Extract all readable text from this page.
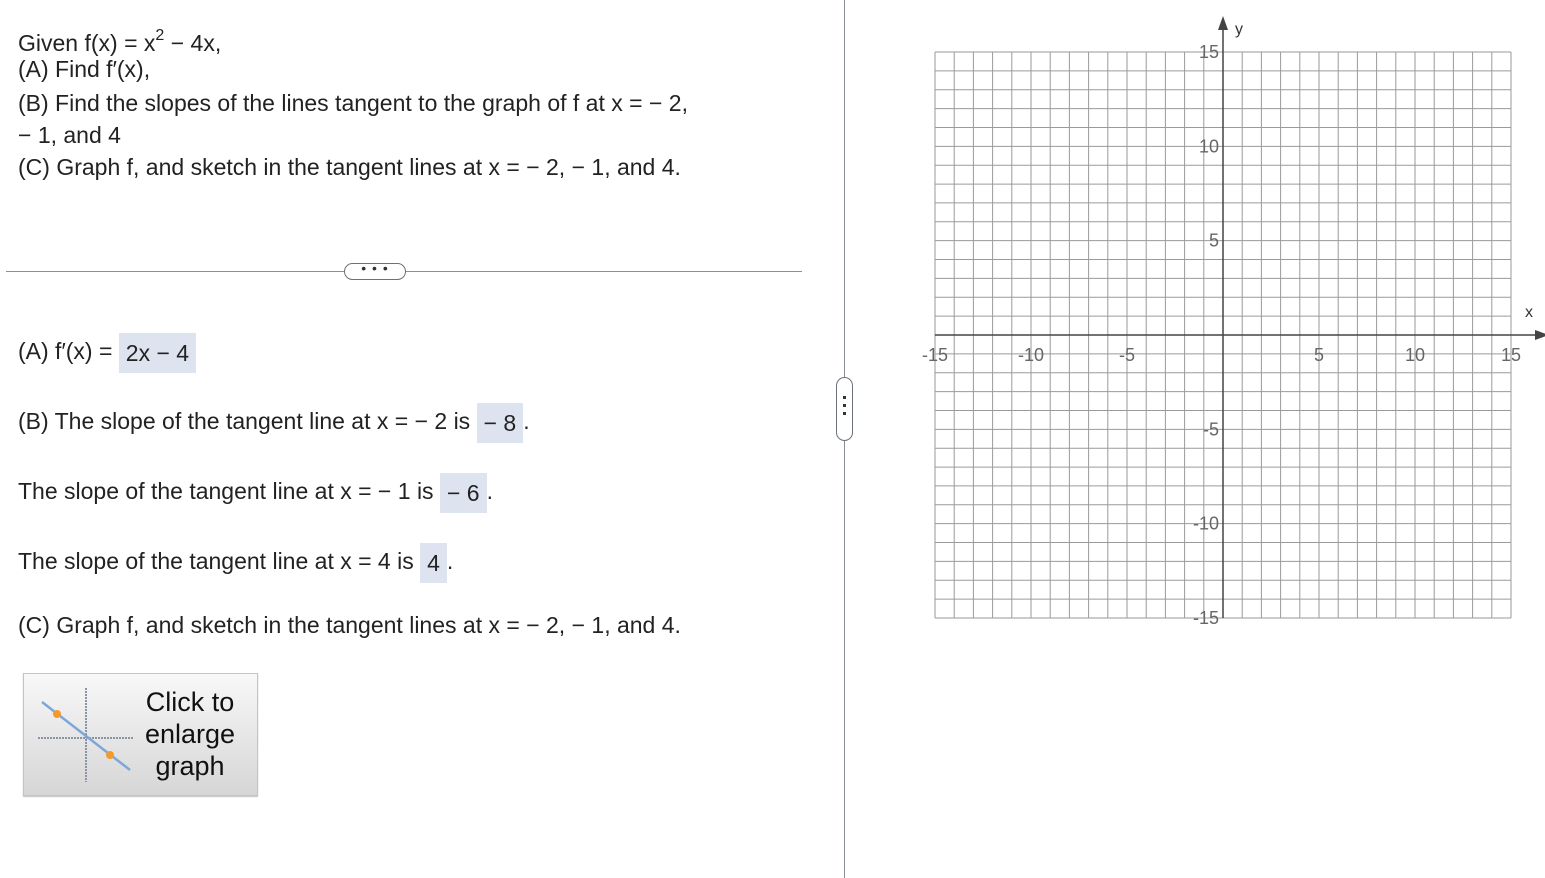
Given $f(x) = x^2 - 4x$,
(A) Find f′(x),
(B) Find the slopes of the lines tangent to the graph of f at x = − 2,
− 1, and 4
(C) Graph f, and sketch in the tangent lines at x = − 2, − 1, and 4.
• • •
(A) f′(x) = 2x − 4
(B) The slope of the tangent line at x = − 2 is − 8 .
The slope of the tangent line at x = − 1 is − 6 .
The slope of the tangent line at x = 4 is 4 .
(C) Graph f, and sketch in the tangent lines at x = − 2, − 1, and 4.
Click to enlarge graph
x
y
-15	-10	-5	5	10	15
15
10
5
-5
-10
-15
